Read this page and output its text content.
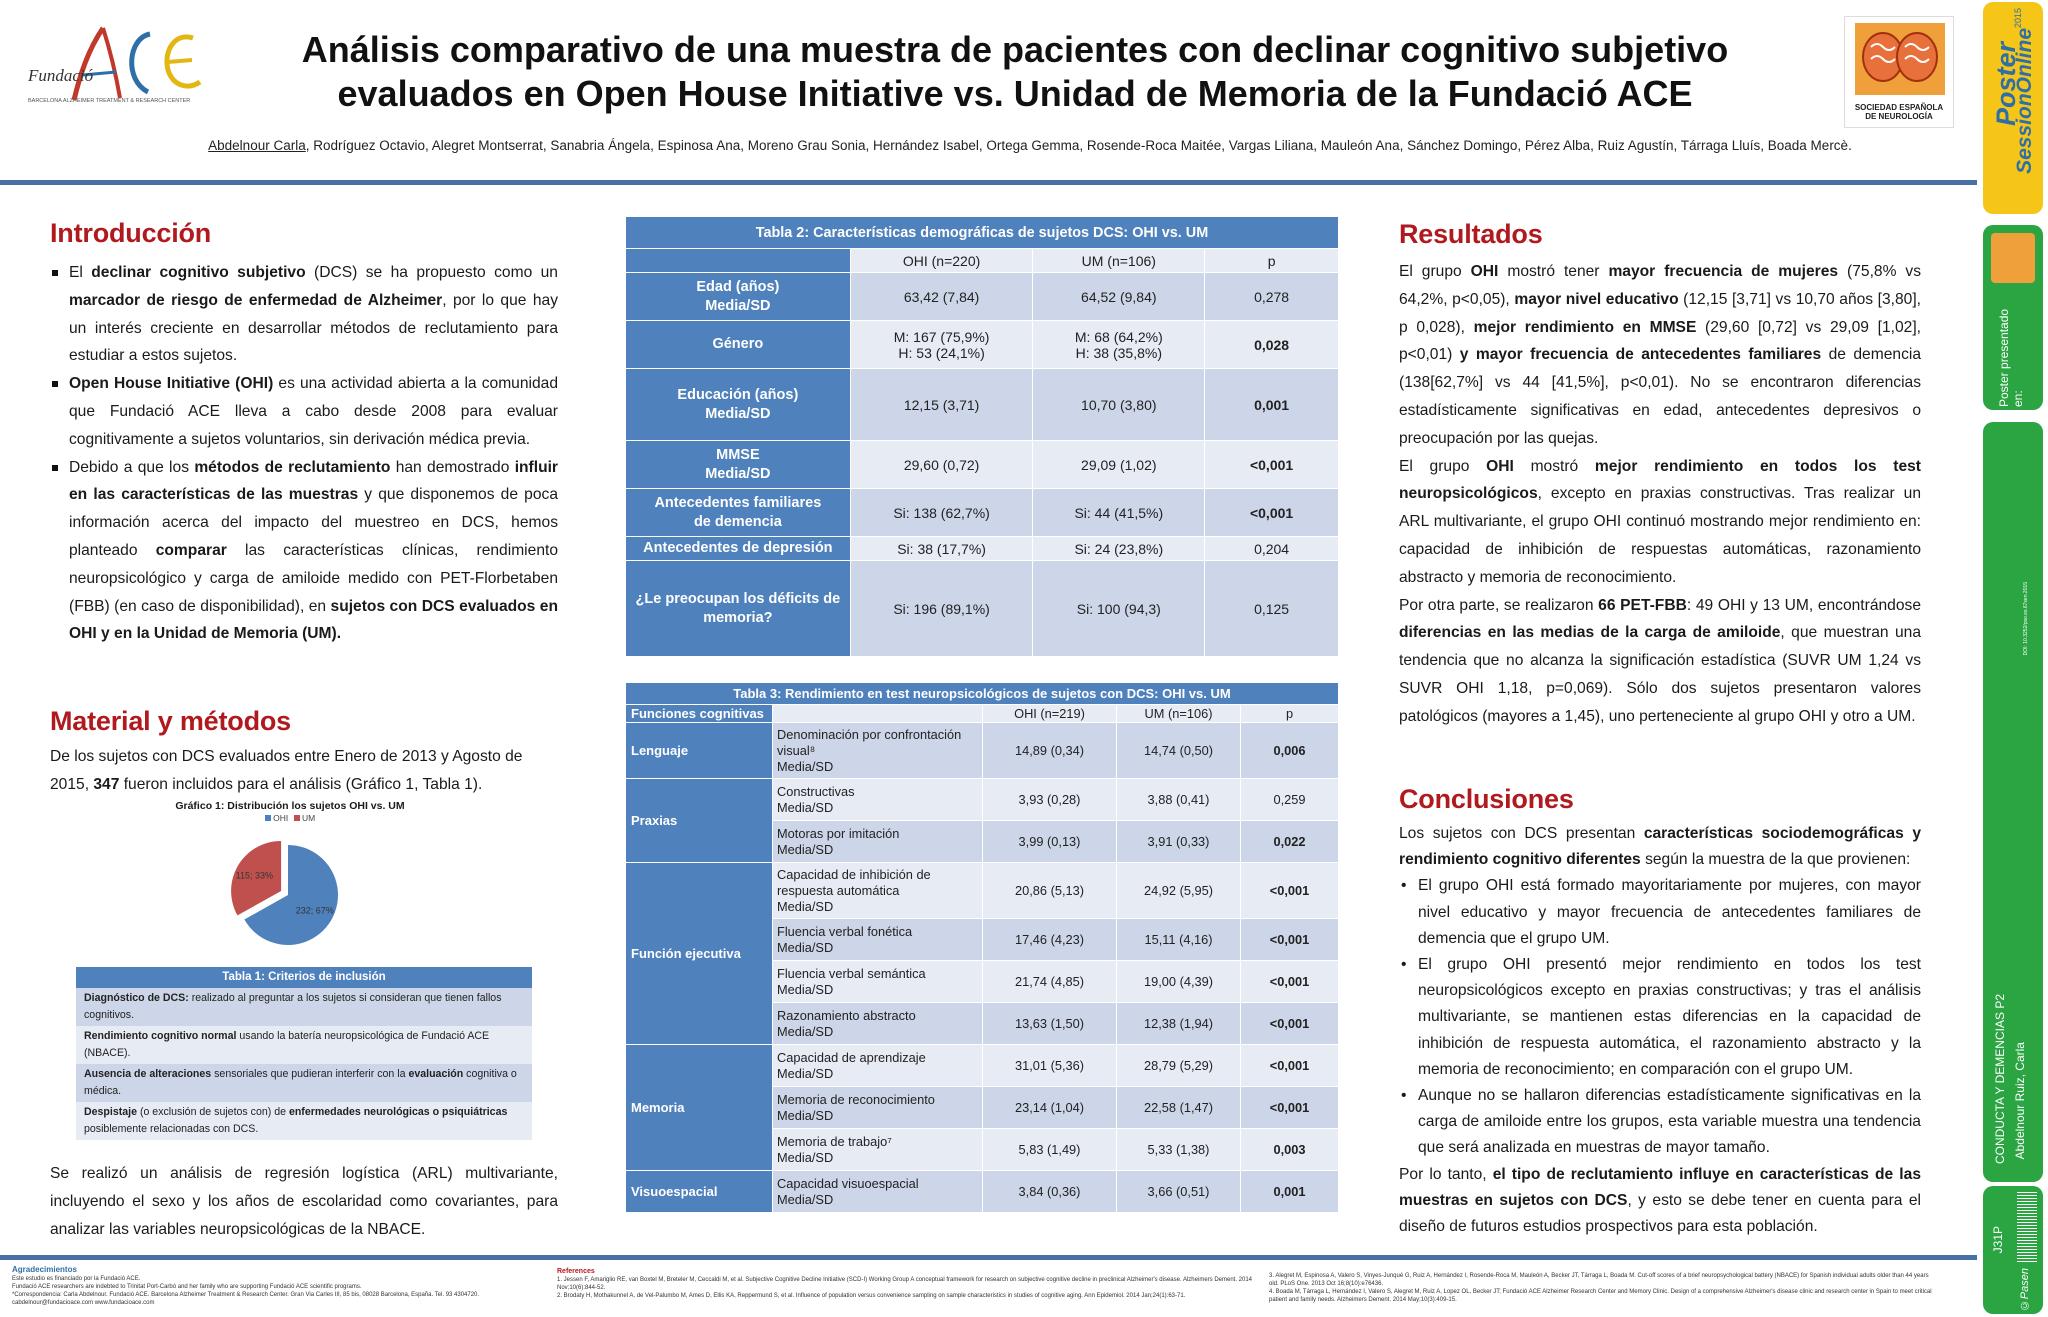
Fundació
BARCELONA ALZHEIMER TREATMENT & RESEARCH CENTER
Análisis comparativo de una muestra de pacientes con declinar cognitivo subjetivo
evaluados en Open House Initiative vs. Unidad de Memoria de la Fundació ACE
Abdelnour Carla, Rodríguez Octavio, Alegret Montserrat, Sanabria Ángela, Espinosa Ana, Moreno Grau Sonia, Hernández Isabel, Ortega Gemma, Rosende-Roca Maitée, Vargas Liliana, Mauleón Ana, Sánchez Domingo, Pérez Alba, Ruiz Agustín, Tárraga Lluís, Boada Mercè.
SOCIEDAD ESPAÑOLA
DE NEUROLOGÍA	Poster
SessionOnline
2015
Poster presentado en:
DOI: 10.3252/pso.es.67sen.2015
CONDUCTA Y DEMENCIAS P2 Abdelnour Ruiz, Carla
J31P
©Pasen
Introducción
El declinar cognitivo subjetivo (DCS) se ha propuesto como un marcador de riesgo de enfermedad de Alzheimer, por lo que hay un interés creciente en desarrollar métodos de reclutamiento para estudiar a estos sujetos.
Open House Initiative (OHI) es una actividad abierta a la comunidad que Fundació ACE lleva a cabo desde 2008 para evaluar cognitivamente a sujetos voluntarios, sin derivación médica previa.
Debido a que los métodos de reclutamiento han demostrado influir en las características de las muestras y que disponemos de poca información acerca del impacto del muestreo en DCS, hemos planteado comparar las características clínicas, rendimiento neuropsicológico y carga de amiloide medido con PET-Florbetaben (FBB) (en caso de disponibilidad), en sujetos con DCS evaluados en OHI y en la Unidad de Memoria (UM).
Material y métodos
De los sujetos con DCS evaluados entre Enero de 2013 y Agosto de 2015, 347 fueron incluidos para el análisis (Gráfico 1, Tabla 1).
Gráfico 1: Distribución los sujetos OHI vs. UM
OHI UM
232; 67%
115; 33%
Tabla 1: Criterios de inclusión
Diagnóstico de DCS: realizado al preguntar a los sujetos si consideran que tienen fallos cognitivos.
Rendimiento cognitivo normal usando la batería neuropsicológica de Fundació ACE (NBACE).
Ausencia de alteraciones sensoriales que pudieran interferir con la evaluación cognitiva o médica.
Despistaje (o exclusión de sujetos con) de enfermedades neurológicas o psiquiátricas posiblemente relacionadas con DCS.
Se realizó un análisis de regresión logística (ARL) multivariante, incluyendo el sexo y los años de escolaridad como covariantes, para analizar las variables neuropsicológicas de la NBACE.
Tabla 2: Características demográficas de sujetos DCS: OHI vs. UM			
	OHI (n=220)	UM (n=106)	p
Edad (años)
Media/SD	63,42 (7,84)	64,52 (9,84)	0,278
Género	M: 167 (75,9%)
H: 53 (24,1%)	M: 68 (64,2%)
H: 38 (35,8%)	0,028
Educación (años)
Media/SD	12,15 (3,71)	10,70 (3,80)	0,001
MMSE
Media/SD	29,60 (0,72)	29,09 (1,02)	<0,001
Antecedentes familiares
de demencia	Si: 138 (62,7%)	Si: 44 (41,5%)	<0,001
Antecedentes de depresión	Si: 38 (17,7%)	Si: 24 (23,8%)	0,204
¿Le preocupan los déficits de
memoria?	Si: 196 (89,1%)	Si: 100 (94,3)	0,125
Tabla 3: Rendimiento en test neuropsicológicos de sujetos con DCS: OHI vs. UM				
Funciones cognitivas		OHI (n=219)	UM (n=106)	p
Lenguaje	Denominación por confrontación visual⁸
Media/SD	14,89 (0,34)	14,74 (0,50)	0,006
Praxias	Constructivas
Media/SD	3,93 (0,28)	3,88 (0,41)	0,259
	Motoras por imitación
Media/SD	3,99 (0,13)	3,91 (0,33)	0,022
Función ejecutiva	Capacidad de inhibición de respuesta automática
Media/SD	20,86 (5,13)	24,92 (5,95)	<0,001
	Fluencia verbal fonética
Media/SD	17,46 (4,23)	15,11 (4,16)	<0,001
	Fluencia verbal semántica
Media/SD	21,74 (4,85)	19,00 (4,39)	<0,001
	Razonamiento abstracto
Media/SD	13,63 (1,50)	12,38 (1,94)	<0,001
Memoria	Capacidad de aprendizaje
Media/SD	31,01 (5,36)	28,79 (5,29)	<0,001
	Memoria de reconocimiento
Media/SD	23,14 (1,04)	22,58 (1,47)	<0,001
	Memoria de trabajo⁷
Media/SD	5,83 (1,49)	5,33 (1,38)	0,003
Visuoespacial	Capacidad visuoespacial
Media/SD	3,84 (0,36)	3,66 (0,51)	0,001
Resultados
El grupo OHI mostró tener mayor frecuencia de mujeres (75,8% vs 64,2%, p<0,05), mayor nivel educativo (12,15 [3,71] vs 10,70 años [3,80], p 0,028), mejor rendimiento en MMSE (29,60 [0,72] vs 29,09 [1,02], p<0,01) y mayor frecuencia de antecedentes familiares de demencia (138[62,7%] vs 44 [41,5%], p<0,01). No se encontraron diferencias estadísticamente significativas en edad, antecedentes depresivos o preocupación por las quejas.
El grupo OHI mostró mejor rendimiento en todos los test neuropsicológicos, excepto en praxias constructivas. Tras realizar un ARL multivariante, el grupo OHI continuó mostrando mejor rendimiento en: capacidad de inhibición de respuestas automáticas, razonamiento abstracto y memoria de reconocimiento.
Por otra parte, se realizaron 66 PET-FBB: 49 OHI y 13 UM, encontrándose diferencias en las medias de la carga de amiloide, que muestran una tendencia que no alcanza la significación estadística (SUVR UM 1,24 vs SUVR OHI 1,18, p=0,069). Sólo dos sujetos presentaron valores patológicos (mayores a 1,45), uno perteneciente al grupo OHI y otro a UM.
Conclusiones
Los sujetos con DCS presentan características sociodemográficas y rendimiento cognitivo diferentes según la muestra de la que provienen:
• El grupo OHI está formado mayoritariamente por mujeres, con mayor nivel educativo y mayor frecuencia de antecedentes familiares de demencia que el grupo UM.
• El grupo OHI presentó mejor rendimiento en todos los test neuropsicológicos excepto en praxias constructivas; y tras el análisis multivariante, se mantienen estas diferencias en la capacidad de inhibición de respuesta automática, el razonamiento abstracto y la memoria de reconocimiento; en comparación con el grupo UM.
• Aunque no se hallaron diferencias estadísticamente significativas en la carga de amiloide entre los grupos, esta variable muestra una tendencia que será analizada en muestras de mayor tamaño.
Por lo tanto, el tipo de reclutamiento influye en características de las muestras en sujetos con DCS, y esto se debe tener en cuenta para el diseño de futuros estudios prospectivos para esta población.
Agradecimientos
Este estudio es financiado por la Fundació ACE.
Fundació ACE researchers are indebted to Trinitat Port-Carbó and her family who are supporting Fundació ACE scientific programs.
*Correspondencia: Carla Abdelnour. Fundació ACE. Barcelona Alzheimer Treatment & Research Center. Gran Via Carles III, 85 bis, 08028 Barcelona, España. Tel. 93 4304720. cabdelnour@fundacioace.com www.fundacioace.com
References
1. Jessen F, Amariglio RE, van Boxtel M, Breteler M, Ceccaldi M, et al. Subjective Cognitive Decline Initiative (SCD-I) Working Group A conceptual framework for research on subjective cognitive decline in preclinical Alzheimer's disease. Alzheimers Dement. 2014 Nov;10(6):844-52.
2. Brodaty H, Mothakunnel A, de Vel-Palumbo M, Ames D, Ellis KA, Reppermund S, et al. Influence of population versus convenience sampling on sample characteristics in studies of cognitive aging. Ann Epidemiol. 2014 Jan;24(1):63-71.
3. Alegret M, Espinosa A, Valero S, Vinyes-Junqué G, Ruiz A, Hernández I, Rosende-Roca M, Mauleón A, Becker JT, Tárraga L, Boada M. Cut-off scores of a brief neuropsychological battery (NBACE) for Spanish individual adults older than 44 years old. PLoS One. 2013 Oct 16;8(10):e76436.
4. Boada M, Tárraga L, Hernández I, Valero S, Alegret M, Ruiz A, Lopez OL, Becker JT; Fundació ACE Alzheimer Research Center and Memory Clinic. Design of a comprehensive Alzheimer's disease clinic and research center in Spain to meet critical patient and family needs. Alzheimers Dement. 2014 May;10(3):409-15.
